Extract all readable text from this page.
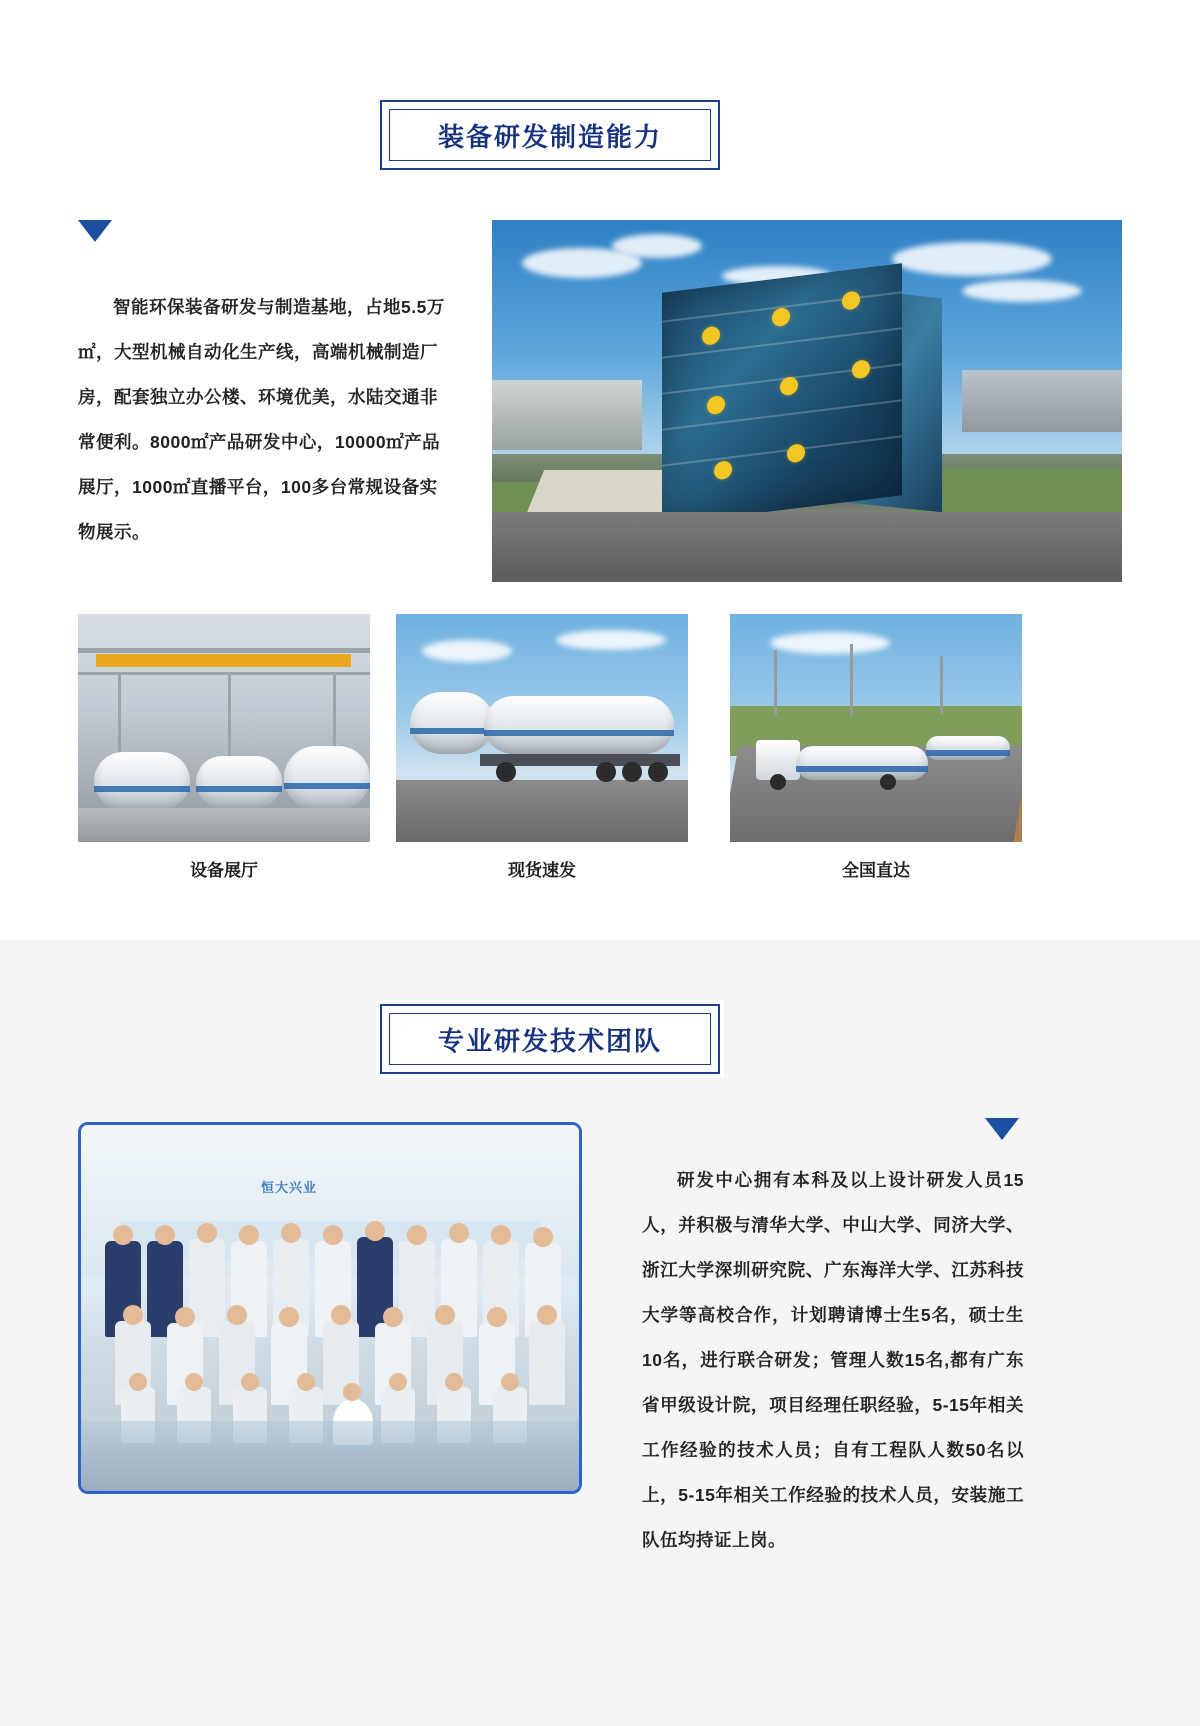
装备研发制造能力

智能环保装备研发与制造基地，占地5.5万㎡，大型机械自动化生产线，高端机械制造厂房，配套独立办公楼、环境优美，水陆交通非常便利。8000㎡产品研发中心，10000㎡产品展厅，1000㎡直播平台，100多台常规设备实物展示。

设备展厅	现货速发	全国直达
专业研发技术团队

研发中心拥有本科及以上设计研发人员15人，并积极与清华大学、中山大学、同济大学、浙江大学深圳研究院、广东海洋大学、江苏科技大学等高校合作，计划聘请博士生5名，硕士生10名，进行联合研发；管理人数15名,都有广东省甲级设计院，项目经理任职经验，5-15年相关工作经验的技术人员；自有工程队人数50名以上，5-15年相关工作经验的技术人员，安装施工队伍均持证上岗。

恒大兴业
